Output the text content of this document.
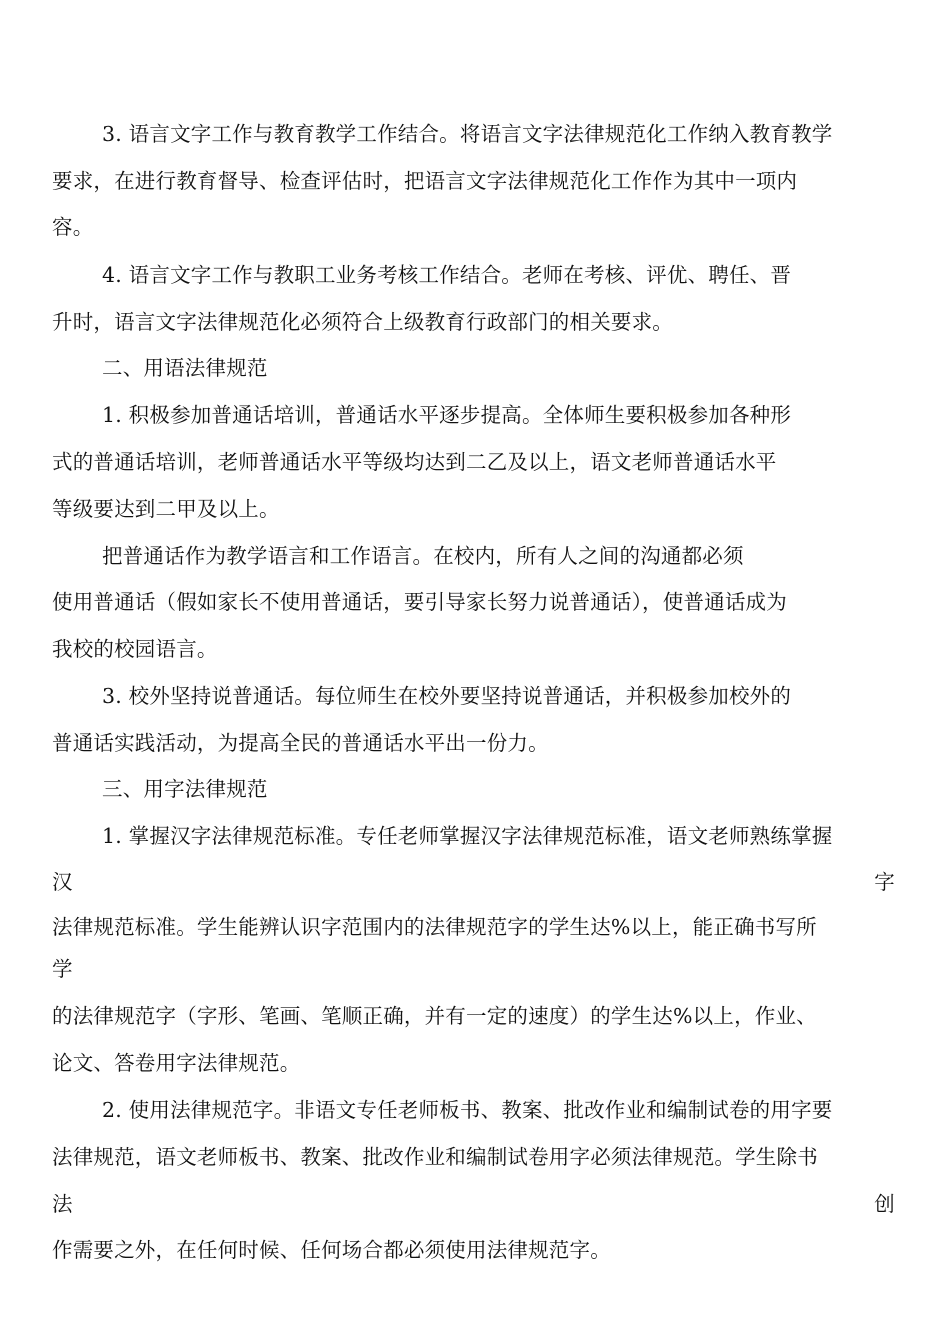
3. 语言文字工作与教育教学工作结合。将语言文字法律规范化工作纳入教育教学
要求，在进行教育督导、检查评估时，把语言文字法律规范化工作作为其中一项内
容。
4. 语言文字工作与教职工业务考核工作结合。老师在考核、评优、聘任、晋
升时，语言文字法律规范化必须符合上级教育行政部门的相关要求。
二、用语法律规范
1. 积极参加普通话培训，普通话水平逐步提高。全体师生要积极参加各种形
式的普通话培训，老师普通话水平等级均达到二乙及以上，语文老师普通话水平
等级要达到二甲及以上。
把普通话作为教学语言和工作语言。在校内，所有人之间的沟通都必须
使用普通话（假如家长不使用普通话，要引导家长努力说普通话），使普通话成为
我校的校园语言。
3. 校外坚持说普通话。每位师生在校外要坚持说普通话，并积极参加校外的
普通话实践活动，为提高全民的普通话水平出一份力。
三、用字法律规范
1. 掌握汉字法律规范标准。专任老师掌握汉字法律规范标准，语文老师熟练掌握
汉	字
法律规范标准。学生能辨认识字范围内的法律规范字的学生达%以上，能正确书写所
学
的法律规范字（字形、笔画、笔顺正确，并有一定的速度）的学生达%以上，作业、
论文、答卷用字法律规范。
2. 使用法律规范字。非语文专任老师板书、教案、批改作业和编制试卷的用字要
法律规范，语文老师板书、教案、批改作业和编制试卷用字必须法律规范。学生除书
法	创
作需要之外，在任何时候、任何场合都必须使用法律规范字。
